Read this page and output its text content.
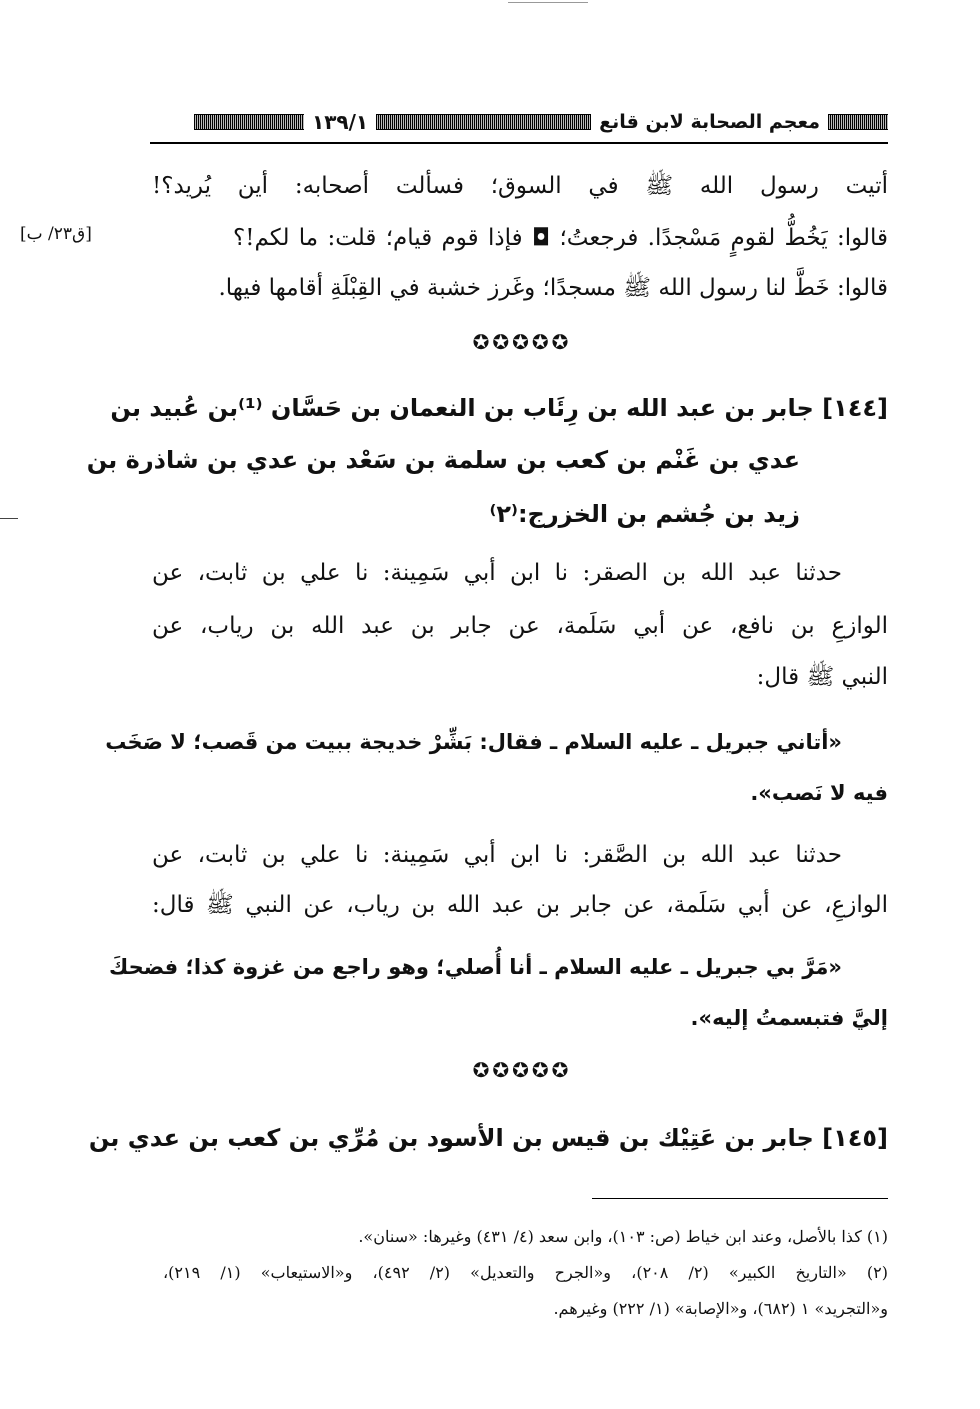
معجم الصحابة لابن قانع
١٣٩/١
[ق٢٣/ ب]
أتيت رسول الله ﷺ في السوق؛ فسألت أصحابه: أين يُريد؟!
قالوا: يَخُطُّ لقومٍ مَسْجدًا. فرجعتُ؛ ◘ فإذا قوم قيام؛ قلت: ما لكم!؟
قالوا: خَطَّ لنا رسول الله ﷺ مسجدًا؛ وغَرز خشبة في القِبْلَةِ أقامها فيها.
✪✪✪✪✪
[١٤٤] جابر بن عبد الله بن رِئَاب بن النعمان بن حَسَّان ⁽¹⁾بن عُبيد بن
عدي بن غَنْم بن كعب بن سلمة بن سَعْد بن عدي بن شاذرة بن
زيد بن جُشم بن الخزرج:⁽٢⁾
حدثنا عبد الله بن الصقر: نا ابن أبي سَمِينة: نا علي بن ثابت، عن
الوازعِ بن نافع، عن أبي سَلَمة، عن جابر بن عبد الله بن رياب، عن
النبي ﷺ قال:
«أتاني جبريل ـ عليه السلام ـ فقال: بَشِّرْ خديجة ببيت من قَصب؛ لا صَخَب
فيه لا نَصب».
حدثنا عبد الله بن الصَّقر: نا ابن أبي سَمِينة: نا علي بن ثابت، عن
الوازعِ، عن أبي سَلَمة، عن جابر بن عبد الله بن رياب، عن النبي ﷺ قال:
«مَرَّ بي جبريل ـ عليه السلام ـ أنا أُصلي؛ وهو راجع من غزوة كذا؛ فضحكَ
إليَّ فتبسمتُ إليه».
✪✪✪✪✪
[١٤٥] جابر بن عَتِيْك بن قيس بن الأسود بن مُرِّي بن كعب بن عدي بن
(١) كذا بالأصل، وعند ابن خياط (ص: ١٠٣)، وابن سعد (٤/ ٤٣١) وغيرها: «سنان».
(٢) «التاريخ الكبير» (٢/ ٢٠٨)، و«الجرح والتعديل» (٢/ ٤٩٢)، و«الاستيعاب» (١/ ٢١٩)،
و«التجريد» ١ (٦٨٢)، و«الإصابة» (١/ ٢٢٢) وغيرهم.
